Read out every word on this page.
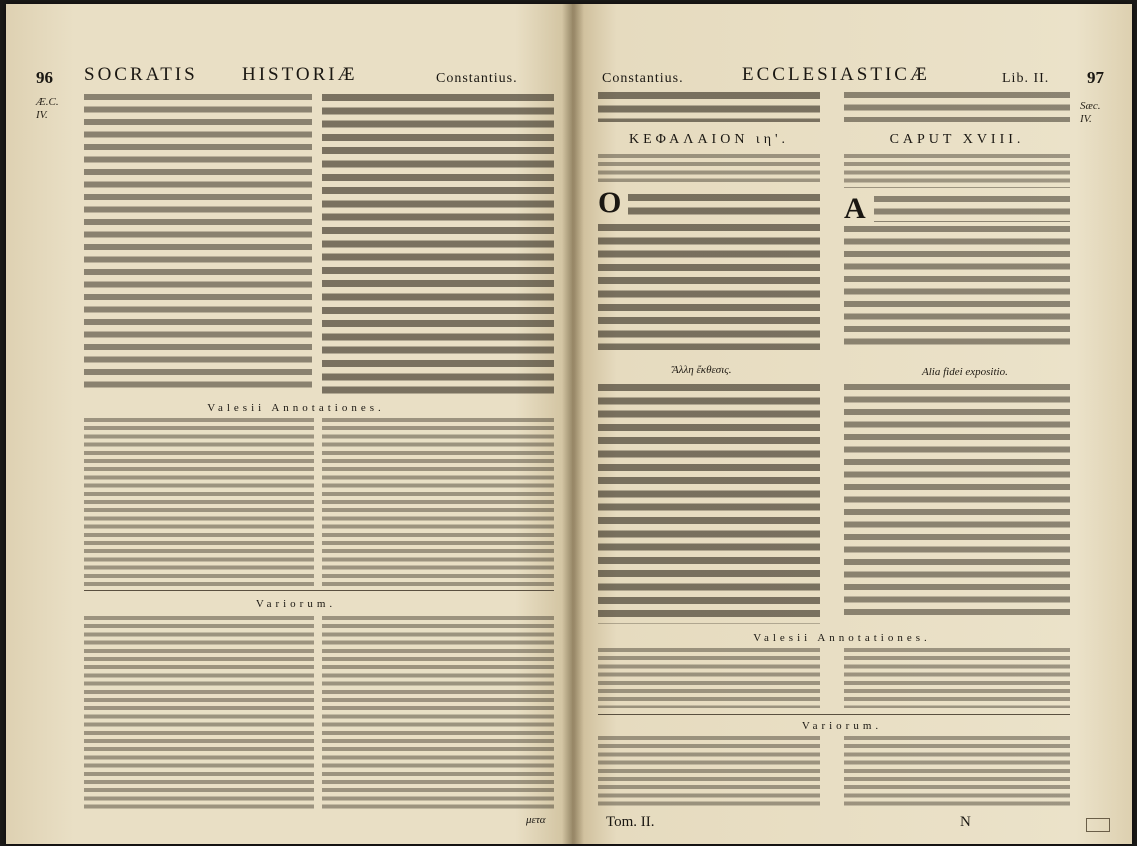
96 SOCRATIS HISTORIÆ	Constantius.
Æ.C.
IV.
Valesii Annotationes.
Variorum.
μετα
Constantius.	ECCLESIASTICÆ	Lib. II. 97
Sæc.
IV.
ΚΕΦΑΛΑΙΟΝ ιη'.	CAPUT XVIII.
Ο	A
Ἄλλη ἔκθεσις.	Alia fidei expositio.
Valesii Annotationes.
Variorum.
Tom. II.	N
